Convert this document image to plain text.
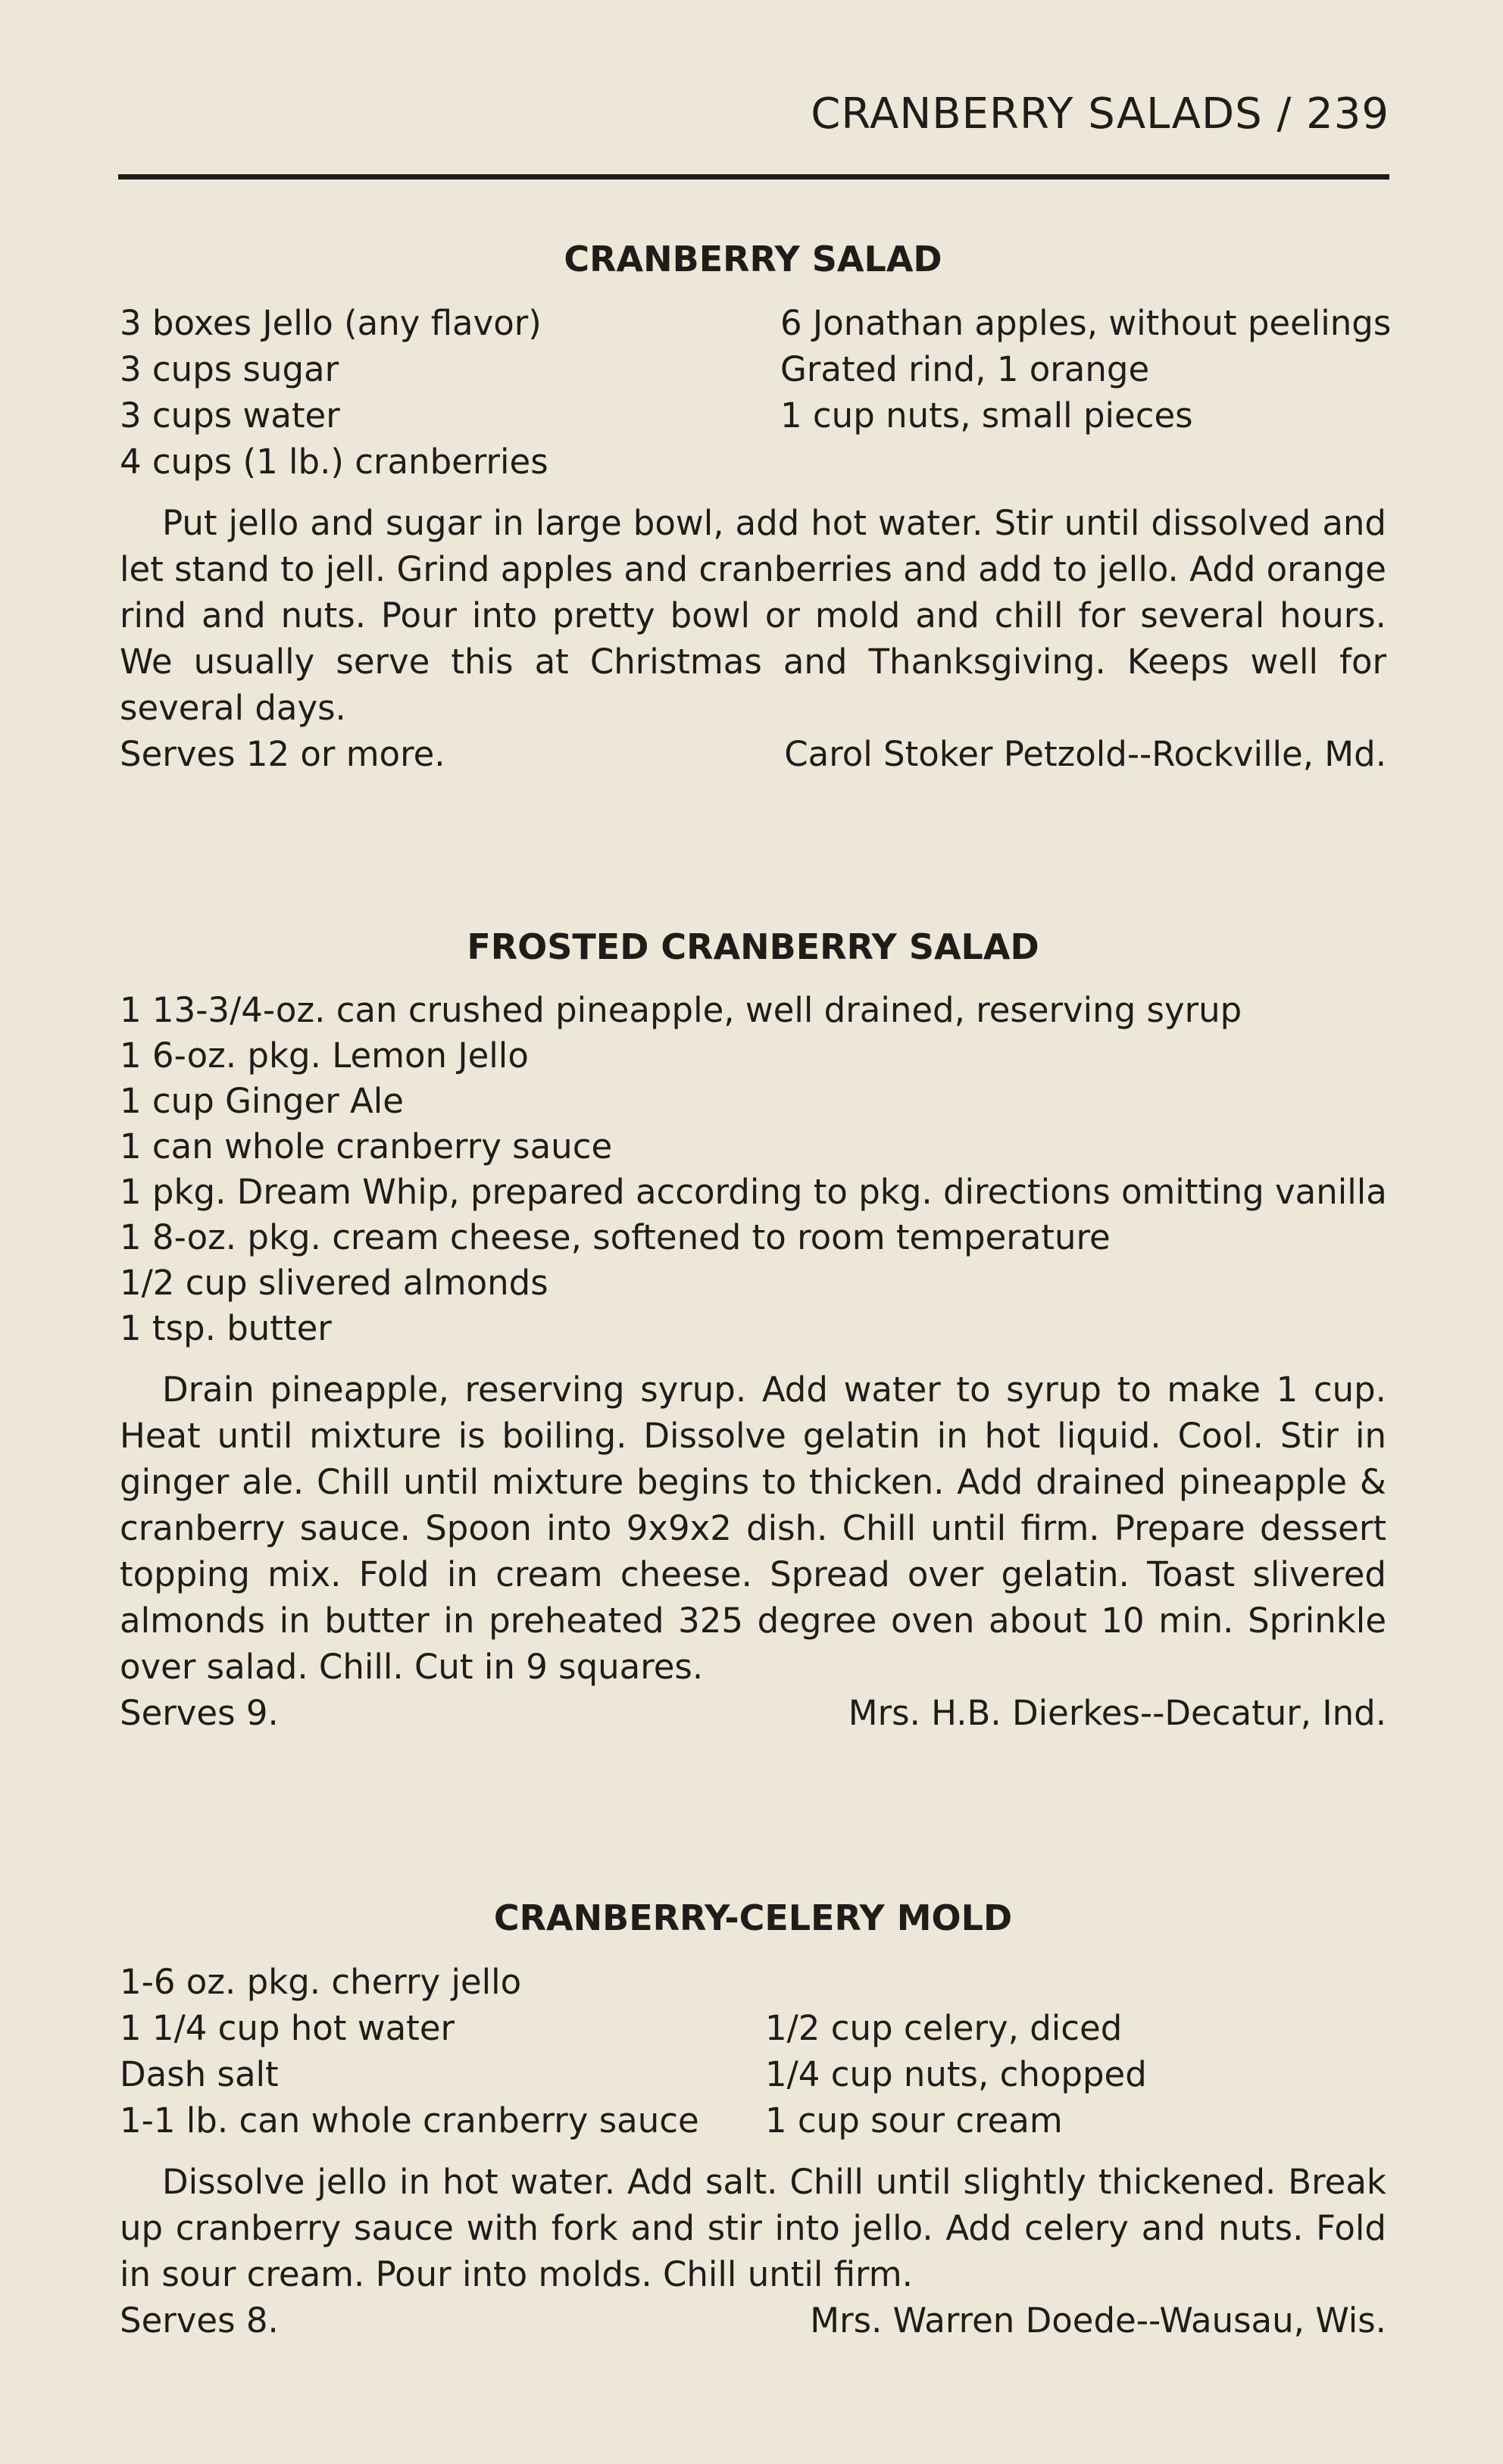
CRANBERRY SALADS / 239
CRANBERRY SALAD
3 boxes Jello (any flavor)
3 cups sugar
3 cups water
4 cups (1 lb.) cranberries
6 Jonathan apples, without peelings
Grated rind, 1 orange
1 cup nuts, small pieces

Put jello and sugar in large bowl, add hot water. Stir until dissolved and let stand to jell. Grind apples and cranberries and add to jello. Add orange rind and nuts. Pour into pretty bowl or mold and chill for several hours. We usually serve this at Christmas and Thanksgiving. Keeps well for several days.

Serves 12 or more.	Carol Stoker Petzold--Rockville, Md.
FROSTED CRANBERRY SALAD
1 13-3/4-oz. can crushed pineapple, well drained, reserving syrup
1 6-oz. pkg. Lemon Jello
1 cup Ginger Ale
1 can whole cranberry sauce
1 pkg. Dream Whip, prepared according to pkg. directions omitting vanilla
1 8-oz. pkg. cream cheese, softened to room temperature
1/2 cup slivered almonds
1 tsp. butter

Drain pineapple, reserving syrup. Add water to syrup to make 1 cup. Heat until mixture is boiling. Dissolve gelatin in hot liquid. Cool. Stir in ginger ale. Chill until mixture begins to thicken. Add drained pineapple & cranberry sauce. Spoon into 9x9x2 dish. Chill until firm. Prepare dessert topping mix. Fold in cream cheese. Spread over gelatin. Toast slivered almonds in butter in preheated 325 degree oven about 10 min. Sprinkle over salad. Chill. Cut in 9 squares.

Serves 9.	Mrs. H.B. Dierkes--Decatur, Ind.
CRANBERRY-CELERY MOLD
1-6 oz. pkg. cherry jello
1 1/4 cup hot water
Dash salt
1-1 lb. can whole cranberry sauce
1/2 cup celery, diced
1/4 cup nuts, chopped
1 cup sour cream

Dissolve jello in hot water. Add salt. Chill until slightly thickened. Break up cranberry sauce with fork and stir into jello. Add celery and nuts. Fold in sour cream. Pour into molds. Chill until firm.

Serves 8.	Mrs. Warren Doede--Wausau, Wis.
